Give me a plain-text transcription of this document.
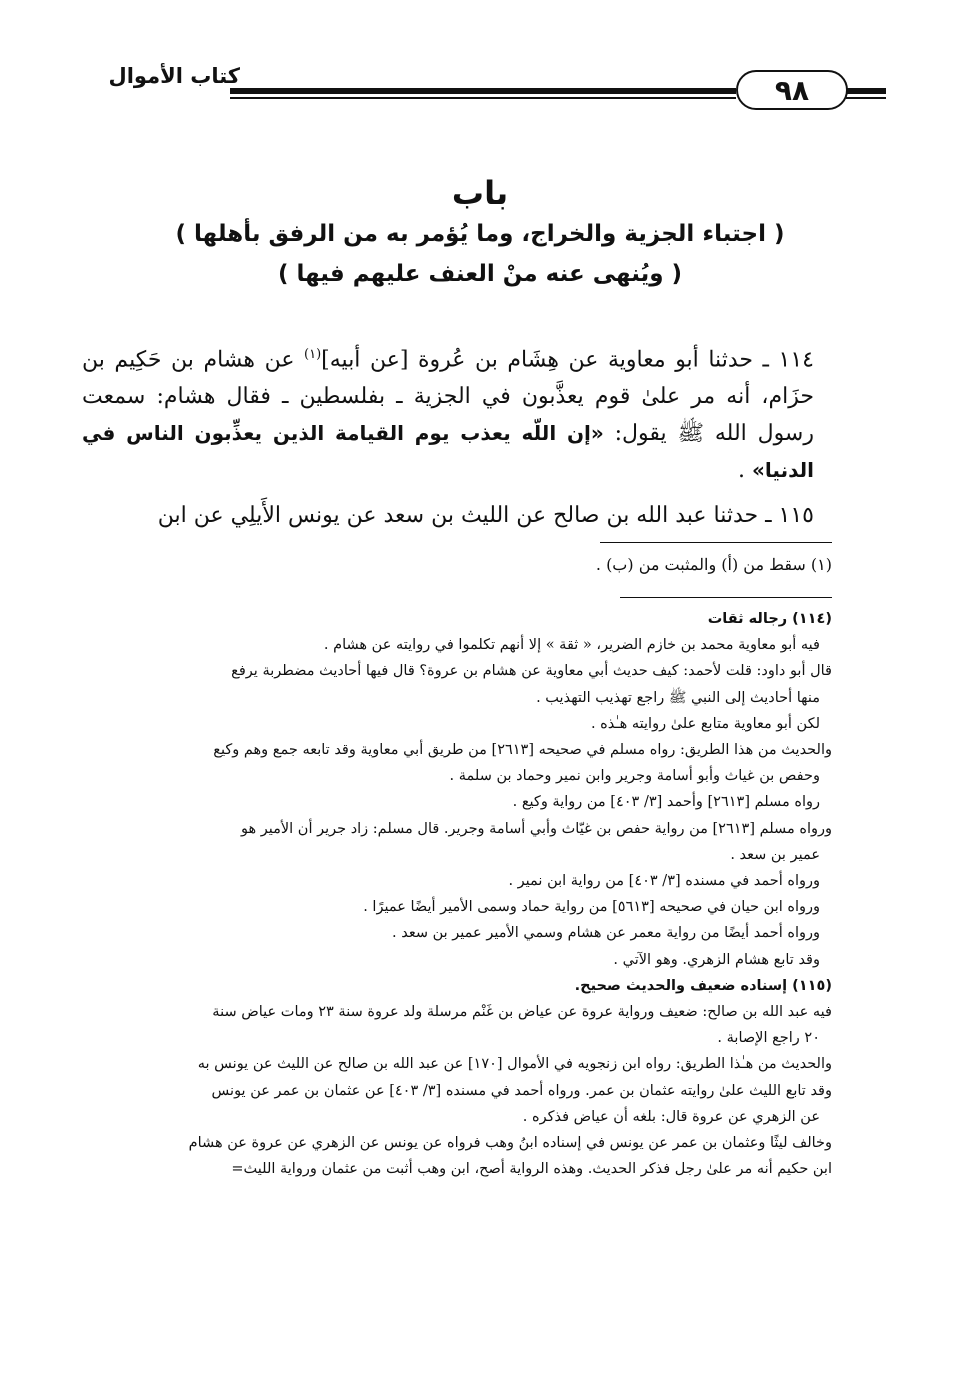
٩٨
كتاب الأموال
باب
( اجتباء الجزية والخراج، وما يُؤمر به من الرفق بأهلها )
( ويُنهى عنه منْ العنف عليهم فيها )

١١٤ ـ حدثنا أبو معاوية عن هِشَام بن عُروة [عن أبيه]$^{(١)}$ عن هشام بن حَكِيم بن حزَام، أنه مر علىٰ قوم يعذَّبون في الجزية ـ بفلسطين ـ فقال هشام: سمعت رسول الله ﷺ يقول: «إن اللّه يعذب يوم القيامة الذين يعذِّبون الناس في الدنيا» .

١١٥ ـ حدثنا عبد الله بن صالح عن الليث بن سعد عن يونس الأَيلِي عن ابن

(١) سقط من (أ) والمثبت من (ب) .
(١١٤) رجاله ثقات
فيه أبو معاوية محمد بن خازم الضرير، « ثقة » إلا أنهم تكلموا في روايته عن هشام .
قال أبو داود: قلت لأحمد: كيف حديث أبي معاوية عن هشام بن عروة؟ قال فيها أحاديث مضطربة يرفع
منها أحاديث إلى النبي ﷺ راجع تهذيب التهذيب .
لكن أبو معاوية متابع علىٰ روايته هـٰذه .
والحديث من هذا الطريق: رواه مسلم في صحيحه [٢٦١٣] من طريق أبي معاوية وقد تابعه جمع وهم وكيع
وحفص بن غياث وأبو أسامة وجرير وابن نمير وحماد بن سلمة .
رواه مسلم [٢٦١٣] وأحمد [٣/ ٤٠٣] من رواية وكيع .
ورواه مسلم [٢٦١٣] من رواية حفص بن غيّاث وأبي أسامة وجرير. قال مسلم: زاد جرير أن الأمير هو
عمير بن سعد .
ورواه أحمد في مسنده [٣/ ٤٠٣] من رواية ابن نمير .
ورواه ابن حيان في صحيحه [٥٦١٣] من رواية حماد وسمى الأمير أيضًا عميرًا .
ورواه أحمد أيضًا من رواية معمر عن هشام وسمي الأمير عمير بن سعد .
وقد تابع هشام الزهري. وهو الآتي .
(١١٥) إسناده ضعيف والحديث صحيح.
فيه عبد الله بن صالح: ضعيف ورواية عروة عن عياض بن غَنْم مرسلة ولد عروة سنة ٢٣ ومات عياض سنة
٢٠ راجع الإصابة .
والحديث من هـٰذا الطريق: رواه ابن زنجويه في الأموال [١٧٠] عن عبد الله بن صالح عن الليث عن يونس به
وقد تابع الليث علىٰ روايته عثمان بن عمر. ورواه أحمد في مسنده [٣/ ٤٠٣] عن عثمان بن عمر عن يونس
عن الزهري عن عروة قال: بلغه أن عياض فذكره .
وخالف ليثًا وعثمان بن عمر عن يونس في إسناده ابنُ وهب فرواه عن يونس عن الزهري عن عروة عن هشام
ابن حكيم أنه مر علىٰ رجل فذكر الحديث. وهذه الرواية أصح، ابن وهب أثبت من عثمان ورواية الليث=
